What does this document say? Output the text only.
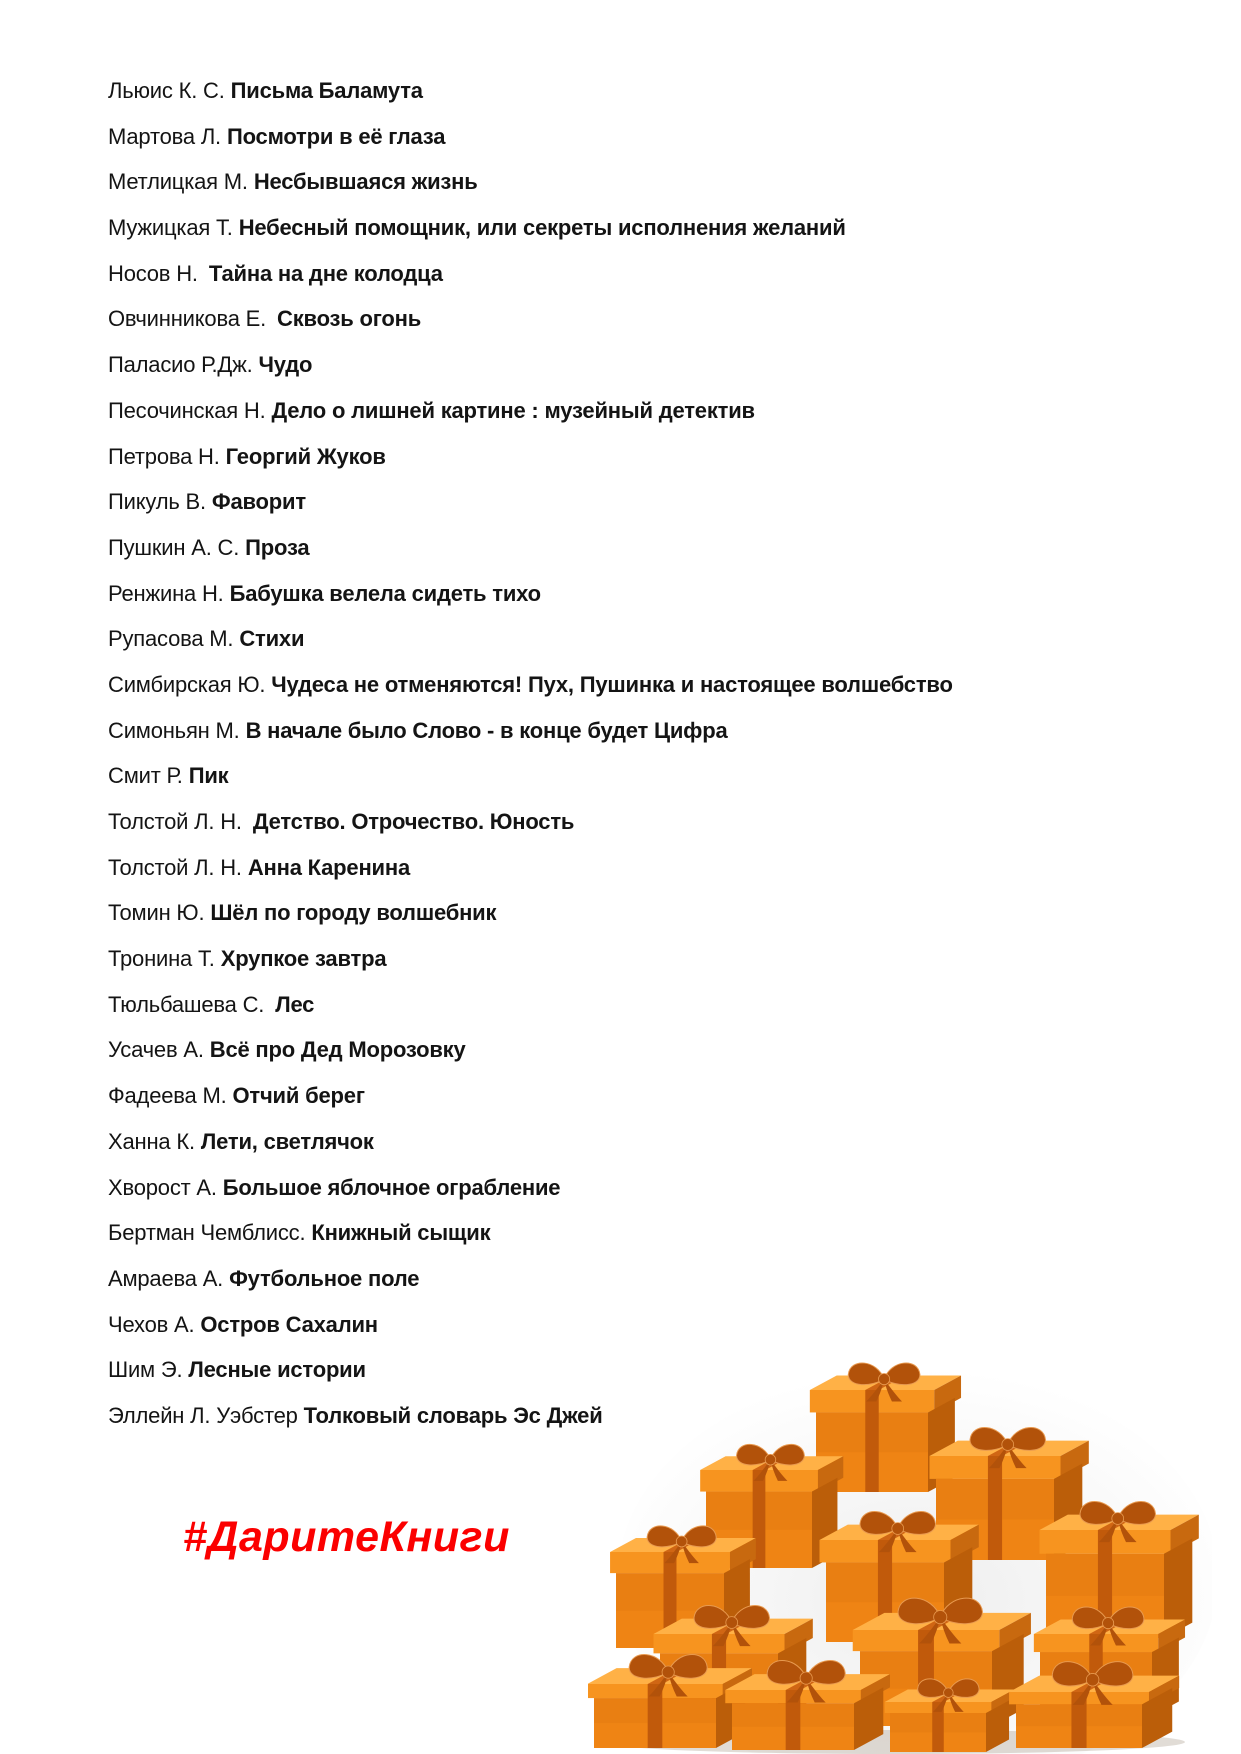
Льюис К. С. Письма Баламута
Мартова Л. Посмотри в её глаза
Метлицкая М. Несбывшаяся жизнь
Мужицкая Т. Небесный помощник, или секреты исполнения желаний
Носов Н. Тайна на дне колодца
Овчинникова Е. Сквозь огонь
Паласио Р.Дж. Чудо
Песочинская Н. Дело о лишней картине : музейный детектив
Петрова Н. Георгий Жуков
Пикуль В. Фаворит
Пушкин А. С. Проза
Ренжина Н. Бабушка велела сидеть тихо
Рупасова М. Стихи
Симбирская Ю. Чудеса не отменяются! Пух, Пушинка и настоящее волшебство
Симоньян М. В начале было Слово - в конце будет Цифра
Смит Р. Пик
Толстой Л. Н. Детство. Отрочество. Юность
Толстой Л. Н. Анна Каренина
Томин Ю. Шёл по городу волшебник
Тронина Т. Хрупкое завтра
Тюльбашева С. Лес
Усачев А. Всё про Дед Морозовку
Фадеева М. Отчий берег
Ханна К. Лети, светлячок
Хворост А. Большое яблочное ограбление
Бертман Чемблисс. Книжный сыщик
Амраева А. Футбольное поле
Чехов А. Остров Сахалин
Шим Э. Лесные истории
Эллейн Л. Уэбстер Толковый словарь Эс Джей
#ДаритеКниги
